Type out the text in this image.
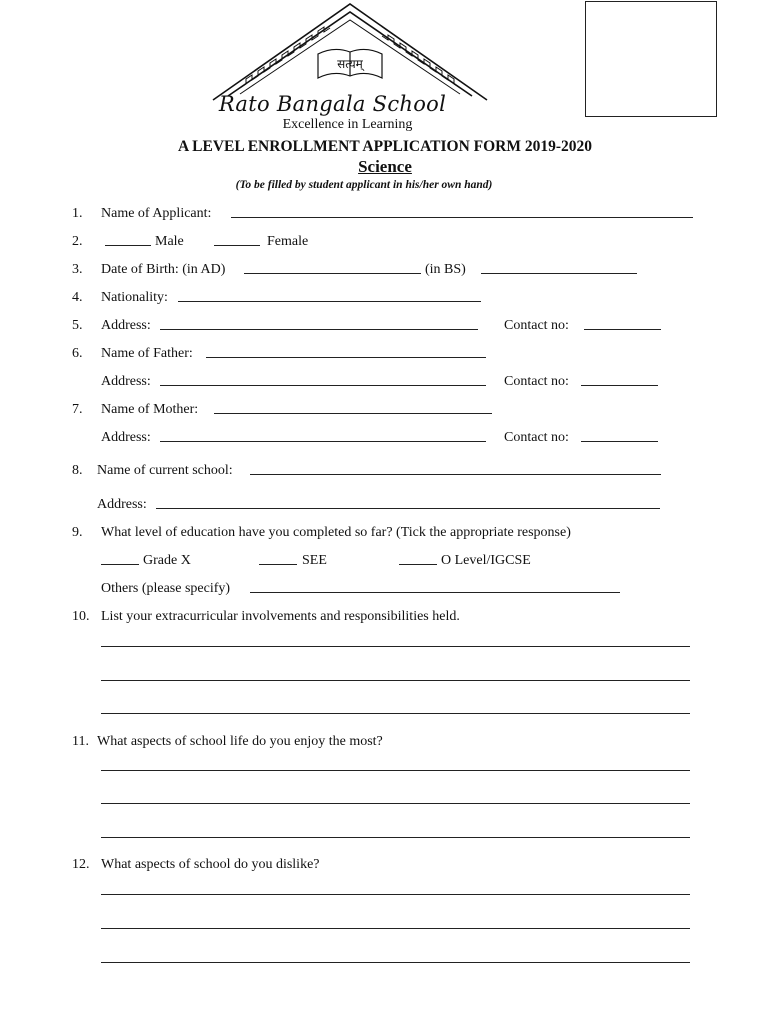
सत्यम्
Rato Bangala School
Excellence in Learning
A LEVEL ENROLLMENT APPLICATION FORM 2019-2020
Science
(To be filled by student applicant in his/her own hand)
1. Name of Applicant:
2.	Male	Female
3. Date of Birth: (in AD)	(in BS)
4. Nationality:
5. Address:	Contact no:
6. Name of Father:
Address:	Contact no:
7. Name of Mother:
Address:	Contact no:
8. Name of current school:
Address:
9. What level of education have you completed so far? (Tick the appropriate response)
Grade X	SEE	O Level/IGCSE
Others (please specify)
10. List your extracurricular involvements and responsibilities held.
11. What aspects of school life do you enjoy the most?
12. What aspects of school do you dislike?
